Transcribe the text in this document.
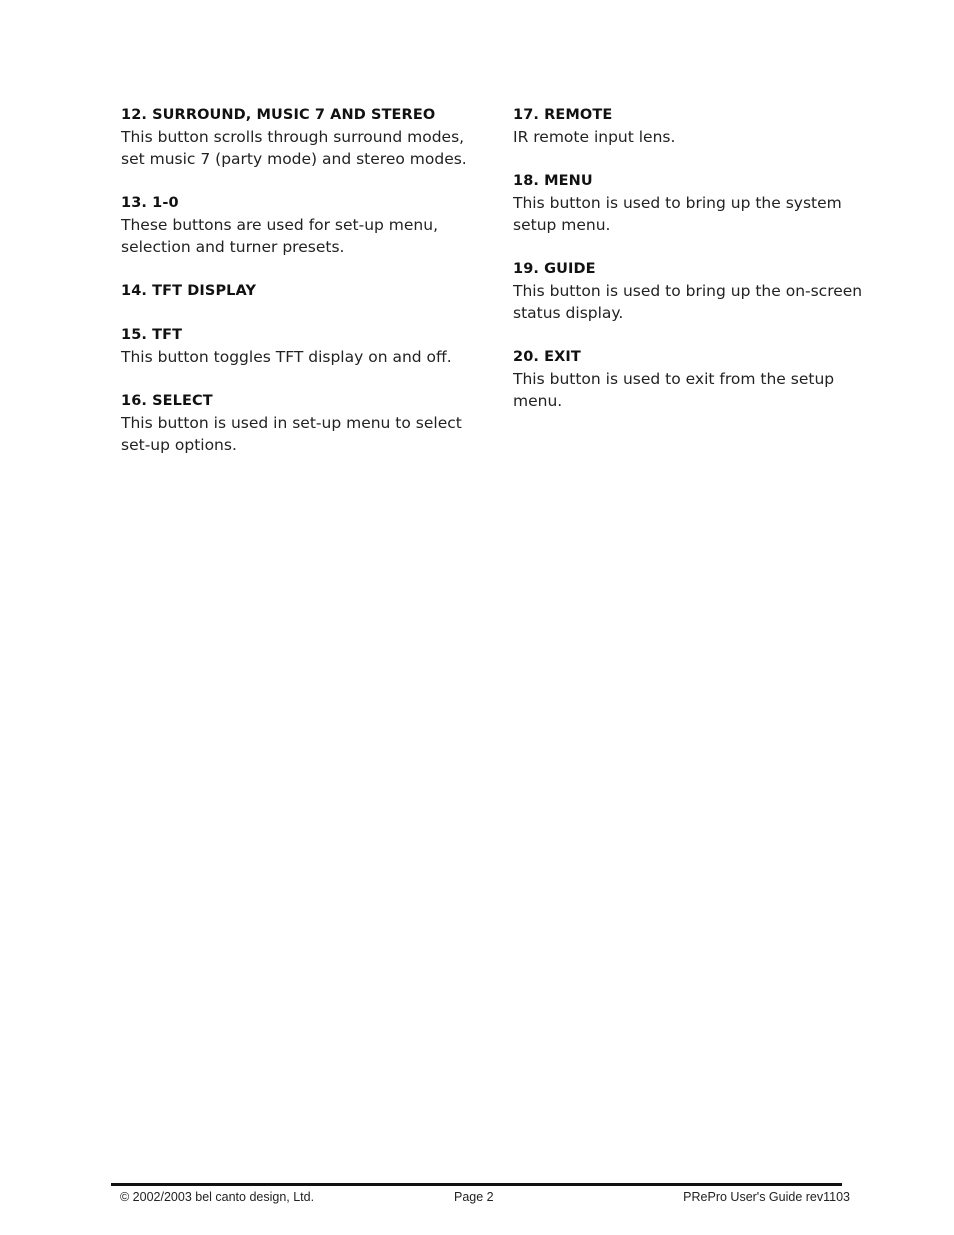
12. SURROUND, MUSIC 7 AND STEREO
This button scrolls through surround modes,
set music 7 (party mode) and stereo modes.
13. 1-0
These buttons are used for set-up menu,
selection and turner presets.
14. TFT DISPLAY
15. TFT
This button toggles TFT display on and off.
16. SELECT
This button is used in set-up menu to select
set-up options.
17. REMOTE
IR remote input lens.
18. MENU
This button is used to bring up the system
setup menu.
19. GUIDE
This button is used to bring up the on-screen
status display.
20. EXIT
This button is used to exit from the setup
menu.
© 2002/2003 bel canto design, Ltd.	Page 2	PRePro User's Guide rev1103
